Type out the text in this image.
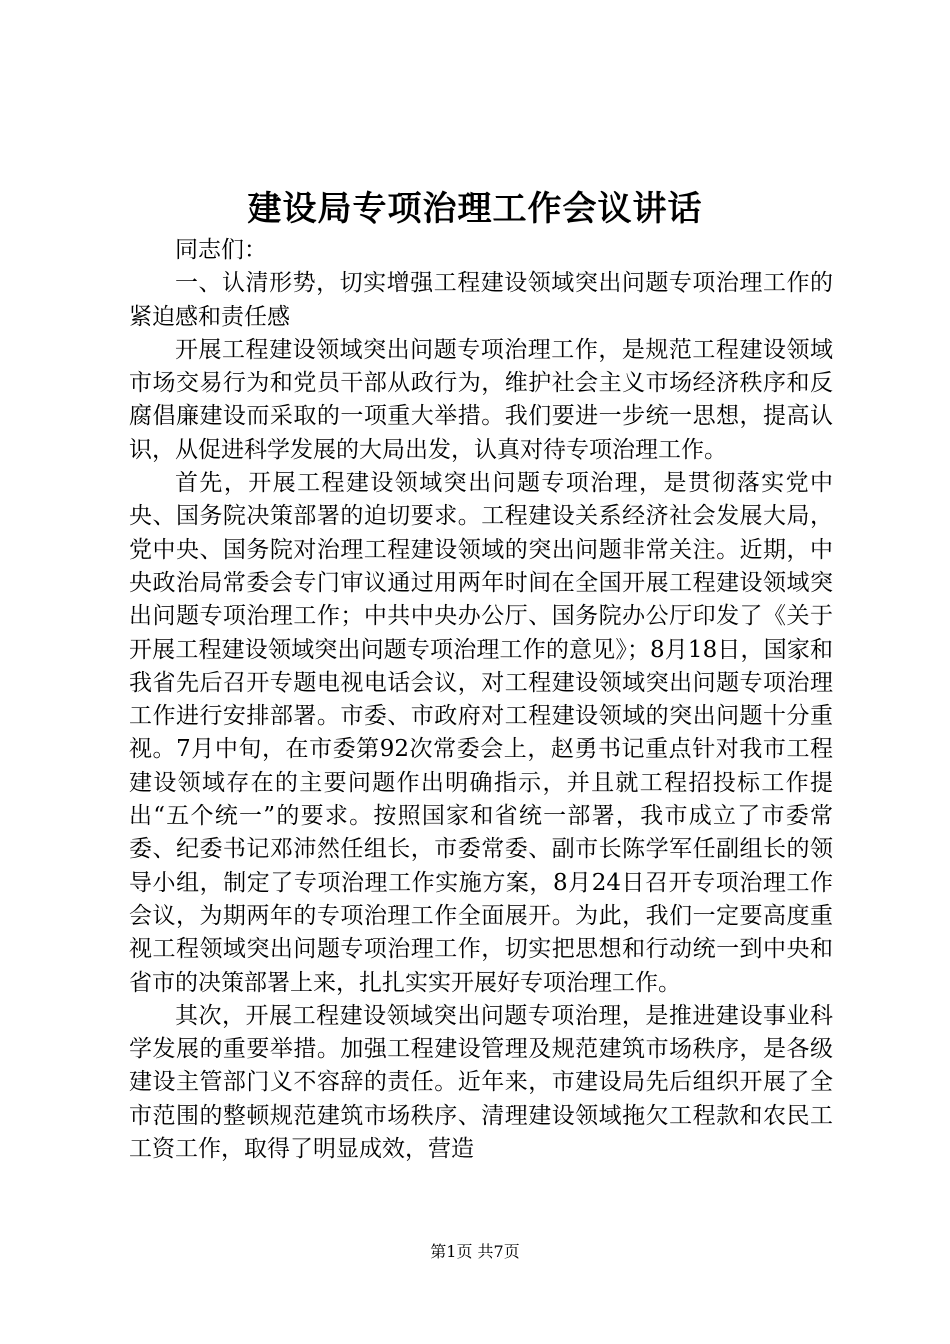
建设局专项治理工作会议讲话

同志们：

一、认清形势，切实增强工程建设领域突出问题专项治理工作的紧迫感和责任感

开展工程建设领域突出问题专项治理工作，是规范工程建设领域市场交易行为和党员干部从政行为，维护社会主义市场经济秩序和反腐倡廉建设而采取的一项重大举措。我们要进一步统一思想，提高认识，从促进科学发展的大局出发，认真对待专项治理工作。

首先，开展工程建设领域突出问题专项治理，是贯彻落实党中央、国务院决策部署的迫切要求。工程建设关系经济社会发展大局，党中央、国务院对治理工程建设领域的突出问题非常关注。近期，中央政治局常委会专门审议通过用两年时间在全国开展工程建设领域突出问题专项治理工作；中共中央办公厅、国务院办公厅印发了《关于开展工程建设领域突出问题专项治理工作的意见》；8月18日，国家和我省先后召开专题电视电话会议，对工程建设领域突出问题专项治理工作进行安排部署。市委、市政府对工程建设领域的突出问题十分重视。7月中旬，在市委第92次常委会上，赵勇书记重点针对我市工程建设领域存在的主要问题作出明确指示，并且就工程招投标工作提出“五个统一”的要求。按照国家和省统一部署，我市成立了市委常委、纪委书记邓沛然任组长，市委常委、副市长陈学军任副组长的领导小组，制定了专项治理工作实施方案，8月24日召开专项治理工作会议，为期两年的专项治理工作全面展开。为此，我们一定要高度重视工程领域突出问题专项治理工作，切实把思想和行动统一到中央和省市的决策部署上来，扎扎实实开展好专项治理工作。

其次，开展工程建设领域突出问题专项治理，是推进建设事业科学发展的重要举措。加强工程建设管理及规范建筑市场秩序，是各级建设主管部门义不容辞的责任。近年来，市建设局先后组织开展了全市范围的整顿规范建筑市场秩序、清理建设领域拖欠工程款和农民工工资工作，取得了明显成效，营造

第1页 共7页
